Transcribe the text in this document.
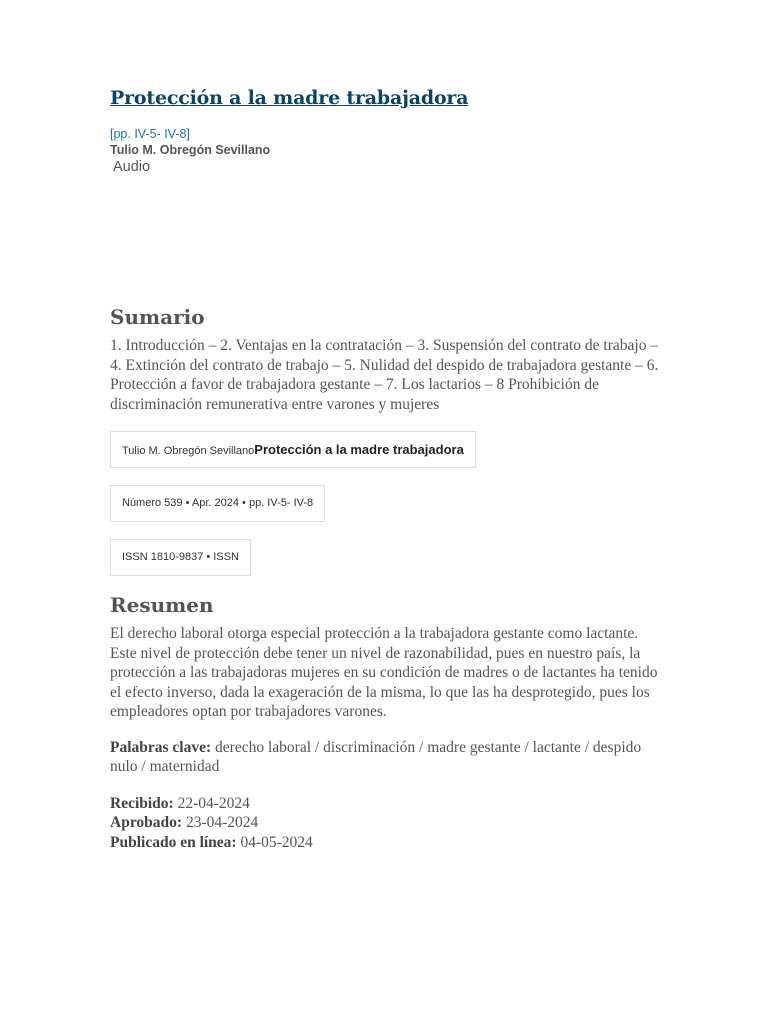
Protección a la madre trabajadora
[pp. IV-5- IV-8]
Tulio M. Obregón Sevillano
Audio
Sumario

1. Introducción – 2. Ventajas en la contratación – 3. Suspensión del contrato de trabajo – 4. Extinción del contrato de trabajo – 5. Nulidad del despido de trabajadora gestante – 6. Protección a favor de trabajadora gestante – 7. Los lactarios – 8 Prohibición de discriminación remunerativa entre varones y mujeres

Tulio M. Obregón SevillanoProtección a la madre trabajadora
Número 539 • Apr. 2024 • pp. IV-5- IV-8
ISSN 1810-9837 • ISSN
Resumen

El derecho laboral otorga especial protección a la trabajadora gestante como lactante. Este nivel de protección debe tener un nivel de razonabilidad, pues en nuestro país, la protección a las trabajadoras mujeres en su condición de madres o de lactantes ha tenido el efecto inverso, dada la exageración de la misma, lo que las ha desprotegido, pues los empleadores optan por trabajadores varones.

Palabras clave: derecho laboral / discriminación / madre gestante / lactante / despido nulo / maternidad
Recibido: 22-04-2024
Aprobado: 23-04-2024
Publicado en línea: 04-05-2024
